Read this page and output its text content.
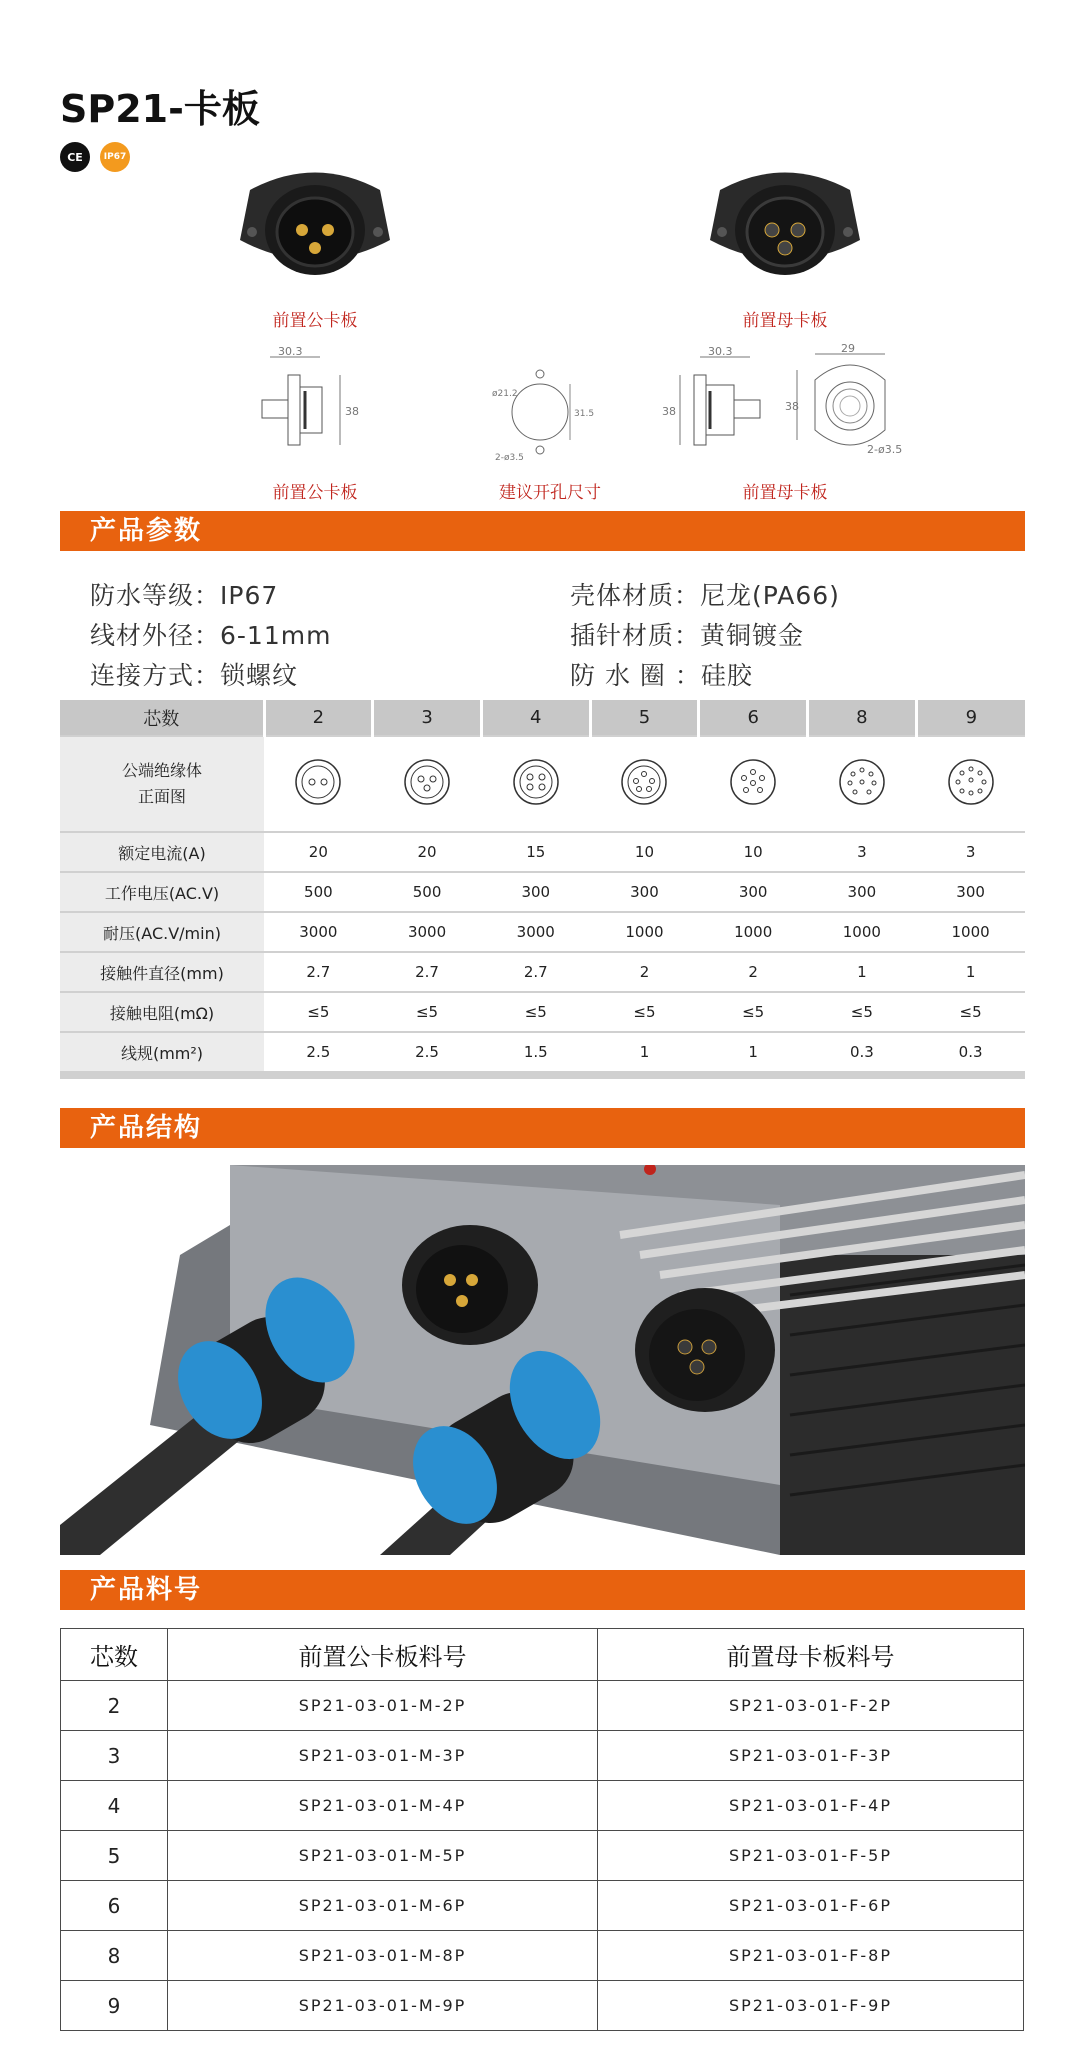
SP21-卡板
CE	IP67
前置公卡板	前置母卡板
30.3
38
前置公卡板
ø21.2
31.5
2-ø3.5
建议开孔尺寸
30.3
38
29
38
2-ø3.5
前置母卡板
产品参数
防水等级：IP67
线材外径：6-11mm
连接方式：锁螺纹
壳体材质：尼龙(PA66)
插针材质：黄铜镀金
防 水 圈 ：硅胶
芯数	2	3	4	5	6	8	9
公端绝缘体
正面图							
额定电流(A)	20	20	15	10	10	3	3
工作电压(AC.V)	500	500	300	300	300	300	300
耐压(AC.V/min)	3000	3000	3000	1000	1000	1000	1000
接触件直径(mm)	2.7	2.7	2.7	2	2	1	1
接触电阻(mΩ)	≤5	≤5	≤5	≤5	≤5	≤5	≤5
线规(mm²)	2.5	2.5	1.5	1	1	0.3	0.3

产品结构
产品料号
芯数	前置公卡板料号	前置母卡板料号
2	SP21-03-01-M-2P	SP21-03-01-F-2P
3	SP21-03-01-M-3P	SP21-03-01-F-3P
4	SP21-03-01-M-4P	SP21-03-01-F-4P
5	SP21-03-01-M-5P	SP21-03-01-F-5P
6	SP21-03-01-M-6P	SP21-03-01-F-6P
8	SP21-03-01-M-8P	SP21-03-01-F-8P
9	SP21-03-01-M-9P	SP21-03-01-F-9P
